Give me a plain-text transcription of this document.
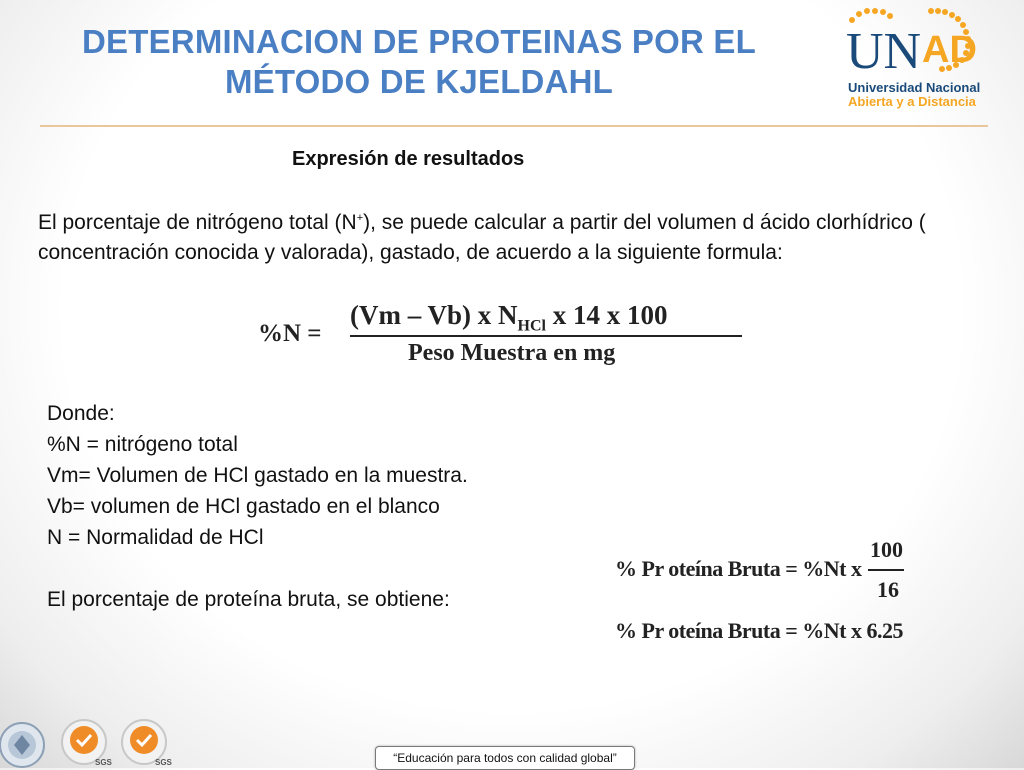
DETERMINACION DE PROTEINAS POR EL
MÉTODO DE KJELDAHL
UN AD
Universidad Nacional
Abierta y a Distancia
Expresión de resultados
El porcentaje de nitrógeno total (N+), se puede calcular a partir del volumen d ácido clorhídrico ( concentración conocida y valorada), gastado, de acuerdo a la siguiente formula:
%N =
(Vm – Vb) x $N_{HCl}$ x 14 x 100
Peso Muestra en mg
Donde:
%N = nitrógeno total
Vm= Volumen de HCl gastado en la muestra.
Vb= volumen de HCl gastado en el blanco
N = Normalidad de HCl
El porcentaje de proteína bruta, se obtiene:
% Pr oteína Bruta = %Nt x
100
16
% Pr oteína Bruta = %Nt x 6.25
SGS	SGS	“Educación para todos con calidad global”
